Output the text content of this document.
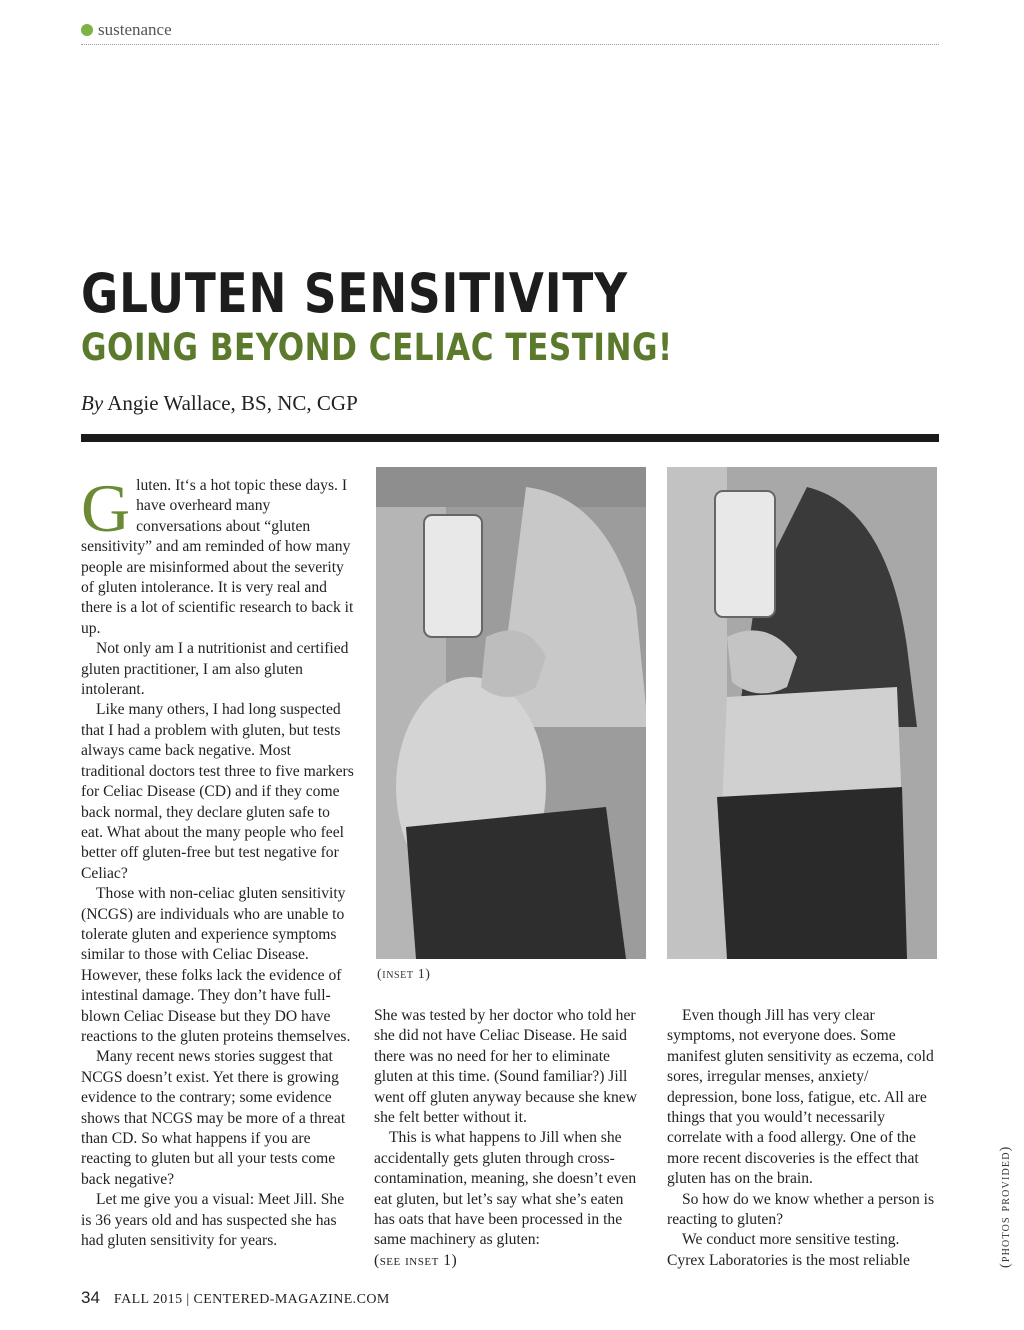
sustenance
GLUTEN SENSITIVITY
GOING BEYOND CELIAC TESTING!
By Angie Wallace, BS, NC, CGP

Gluten. It‘s a hot topic these days. I have overheard many conversations about “gluten sensitivity” and am reminded of how many people are misinformed about the severity of gluten intolerance. It is very real and there is a lot of scientific research to back it up.

Not only am I a nutritionist and certified gluten practitioner, I am also gluten intolerant.

Like many others, I had long suspected that I had a problem with gluten, but tests always came back negative. Most traditional doctors test three to five markers for Celiac Disease (CD) and if they come back normal, they declare gluten safe to eat. What about the many people who feel better off gluten-free but test negative for Celiac?

Those with non-celiac gluten sensitivity (NCGS) are individuals who are unable to tolerate gluten and experience symptoms similar to those with Celiac Disease. However, these folks lack the evidence of intestinal damage. They don’t have full-blown Celiac Disease but they DO have reactions to the gluten proteins themselves.

Many recent news stories suggest that NCGS doesn’t exist. Yet there is growing evidence to the contrary; some evidence shows that NCGS may be more of a threat than CD. So what happens if you are reacting to gluten but all your tests come back negative?

Let me give you a visual: Meet Jill. She is 36 years old and has suspected she has had gluten sensitivity for years.

(inset 1)
(photos provided)

She was tested by her doctor who told her she did not have Celiac Disease. He said there was no need for her to eliminate gluten at this time. (Sound familiar?) Jill went off gluten anyway because she knew she felt better without it.

This is what happens to Jill when she accidentally gets gluten through cross-contamination, meaning, she doesn’t even eat gluten, but let’s say what she’s eaten has oats that have been processed in the same machinery as gluten:

(see inset 1)

Even though Jill has very clear symptoms, not everyone does. Some manifest gluten sensitivity as eczema, cold sores, irregular menses, anxiety/ depression, bone loss, fatigue, etc. All are things that you would’t necessarily correlate with a food allergy. One of the more recent discoveries is the effect that gluten has on the brain.

So how do we know whether a person is reacting to gluten?

We conduct more sensitive testing. Cyrex Laboratories is the most reliable

34 FALL 2015 | CENTERED-MAGAZINE.COM
